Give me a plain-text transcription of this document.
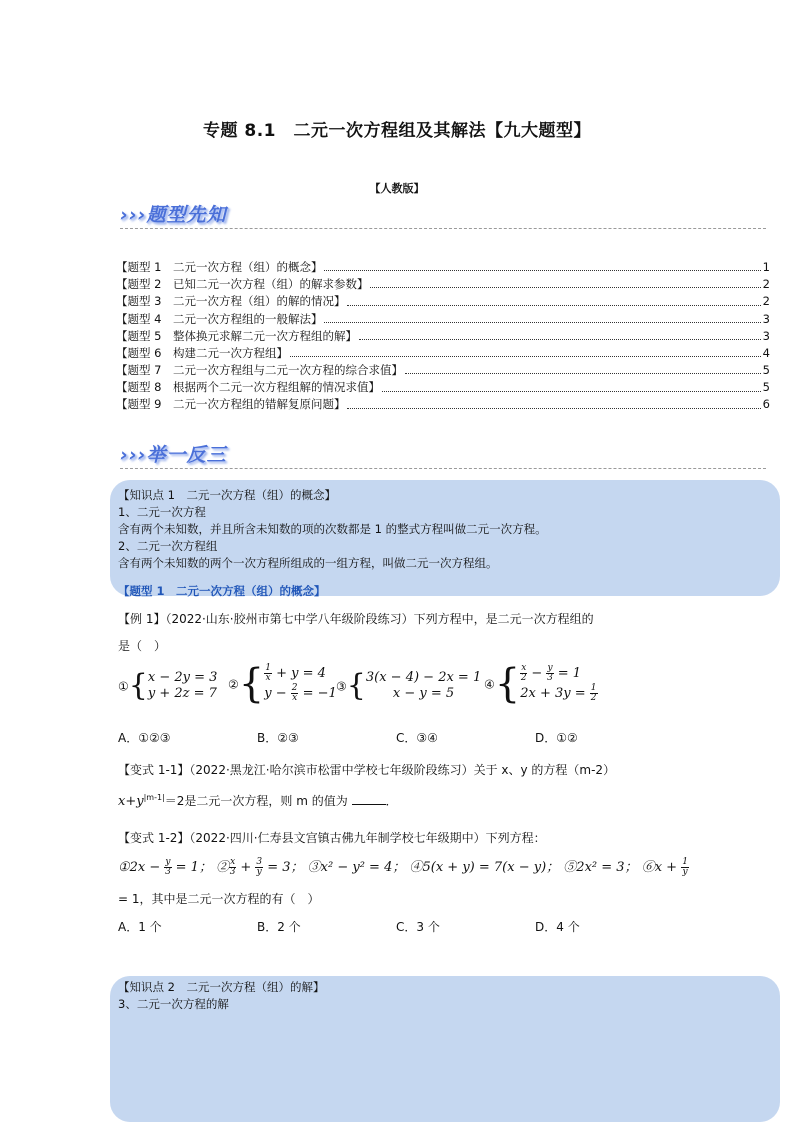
专题 8.1　二元一次方程组及其解法【九大题型】
【人教版】
›››题型先知
【题型 1　二元一次方程（组）的概念】	1
【题型 2　已知二元一次方程（组）的解求参数】	2
【题型 3　二元一次方程（组）的解的情况】	2
【题型 4　二元一次方程组的一般解法】	3
【题型 5　整体换元求解二元一次方程组的解】	3
【题型 6　构建二元一次方程组】	4
【题型 7　二元一次方程组与二元一次方程的综合求值】	5
【题型 8　根据两个二元一次方程组解的情况求值】	5
【题型 9　二元一次方程组的错解复原问题】	6
›››举一反三
【知识点 1　二元一次方程（组）的概念】
1、二元一次方程
含有两个未知数，并且所含未知数的项的次数都是 1 的整式方程叫做二元一次方程。
2、二元一次方程组
含有两个未知数的两个一次方程所组成的一组方程，叫做二元一次方程组。
【题型 1　二元一次方程（组）的概念】
【例 1】（2022·山东·胶州市第七中学八年级阶段练习）下列方程中，是二元一次方程组的
是（　）
①{ x − 2y = 3
y + 2z = 7
②{ $\frac{1}{x} + y = 4$
$y - \frac{2}{x} = -1$ ③{ 3(x − 4) − 2x = 1
x − y = 5
④{ $\frac{x}{2} - \frac{y}{3} = 1$
$2x + 3y = \frac{1}{2}$
A．①②③	B．②③	C．③④	D．①②
【变式 1-1】（2022·黑龙江·哈尔滨市松雷中学校七年级阶段练习）关于 x、y 的方程（m-2）
$x+y^{|m-1|}=2$是二元一次方程，则 m 的值为	．
【变式 1-2】（2022·四川·仁寿县文宫镇古佛九年制学校七年级期中）下列方程：
①2x − $\frac{y}{3} = 1$； ② $\frac{x}{3} + \frac{3}{y} = 3$； ③x² − y² = 4； ④5(x + y) = 7(x − y)； ⑤2x² = 3； ⑥x + $\frac{1}{y}$
= 1，其中是二元一次方程的有（　）
A．1 个	B．2 个	C．3 个	D．4 个
【知识点 2　二元一次方程（组）的解】
3、二元一次方程的解
